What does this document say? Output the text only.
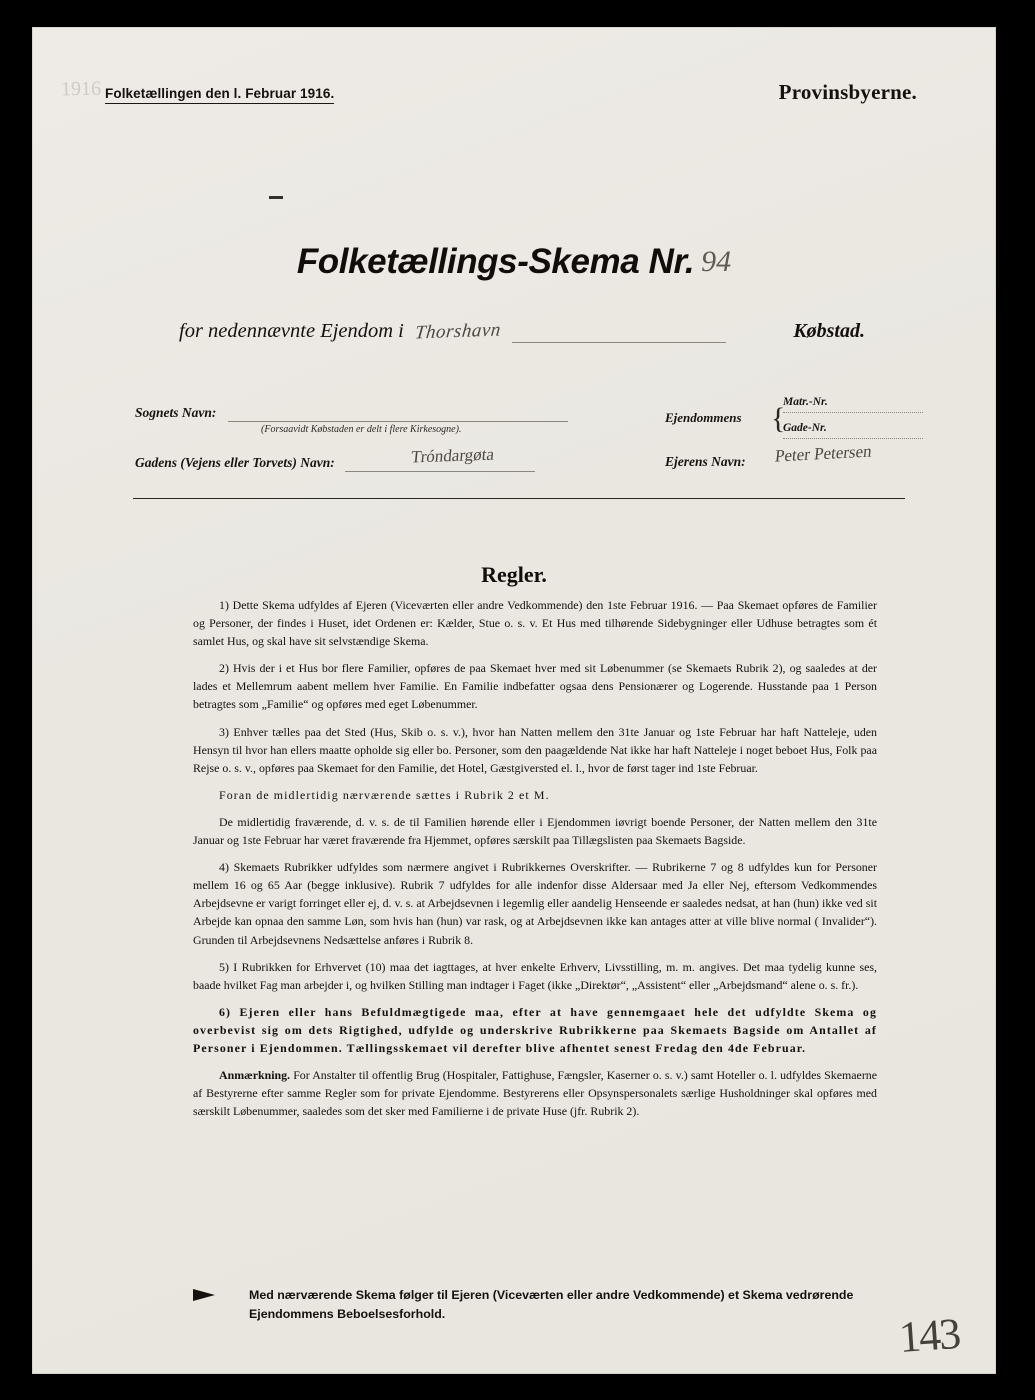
1916 Folketællingen den l. Februar 1916.	Provinsbyerne.
Folketællings-Skema Nr. 94
for nedennævnte Ejendom i Thorshavn	Købstad.
Sognets Navn:
(Forsaavidt Købstaden er delt i flere Kirkesogne).
Gadens (Vejens eller Torvets) Navn:	Tróndargøta
Ejendommens {
Matr.-Nr.
Gade-Nr.
Ejerens Navn: Peter Petersen
Regler.

1) Dette Skema udfyldes af Ejeren (Viceværten eller andre Vedkommende) den 1ste Februar 1916. — Paa Skemaet opføres de Familier og Personer, der findes i Huset, idet Ordenen er: Kælder, Stue o. s. v. Et Hus med tilhørende Sidebygninger eller Udhuse betragtes som ét samlet Hus, og skal have sit selvstændige Skema.

2) Hvis der i et Hus bor flere Familier, opføres de paa Skemaet hver med sit Løbenummer (se Skemaets Rubrik 2), og saaledes at der lades et Mellemrum aabent mellem hver Familie. En Familie indbefatter ogsaa dens Pensionærer og Logerende. Husstande paa 1 Person betragtes som „Familie“ og opføres med eget Løbenummer.

3) Enhver tælles paa det Sted (Hus, Skib o. s. v.), hvor han Natten mellem den 31te Januar og 1ste Februar har haft Natteleje, uden Hensyn til hvor han ellers maatte opholde sig eller bo. Personer, som den paagældende Nat ikke har haft Natteleje i noget beboet Hus, Folk paa Rejse o. s. v., opføres paa Skemaet for den Familie, det Hotel, Gæstgiversted el. l., hvor de først tager ind 1ste Februar.

Foran de midlertidig nærværende sættes i Rubrik 2 et M.

De midlertidig fraværende, d. v. s. de til Familien hørende eller i Ejendommen iøvrigt boende Personer, der Natten mellem den 31te Januar og 1ste Februar har været fraværende fra Hjemmet, opføres særskilt paa Tillægslisten paa Skemaets Bagside.

4) Skemaets Rubrikker udfyldes som nærmere angivet i Rubrikkernes Overskrifter. — Rubrikerne 7 og 8 udfyldes kun for Personer mellem 16 og 65 Aar (begge inklusive). Rubrik 7 udfyldes for alle indenfor disse Aldersaar med Ja eller Nej, eftersom Vedkommendes Arbejdsevne er varigt forringet eller ej, d. v. s. at Arbejdsevnen i legemlig eller aandelig Henseende er saaledes nedsat, at han (hun) ikke ved sit Arbejde kan opnaa den samme Løn, som hvis han (hun) var rask, og at Arbejdsevnen ikke kan antages atter at ville blive normal ( Invalider“). Grunden til Arbejdsevnens Nedsættelse anføres i Rubrik 8.

5) I Rubrikken for Erhvervet (10) maa det iagttages, at hver enkelte Erhverv, Livsstilling, m. m. angives. Det maa tydelig kunne ses, baade hvilket Fag man arbejder i, og hvilken Stilling man indtager i Faget (ikke „Direktør“, „Assistent“ eller „Arbejdsmand“ alene o. s. fr.).

6) Ejeren eller hans Befuldmægtigede maa, efter at have gennemgaaet hele det udfyldte Skema og overbevist sig om dets Rigtighed, udfylde og underskrive Rubrikkerne paa Skemaets Bagside om Antallet af Personer i Ejendommen. Tællingsskemaet vil derefter blive afhentet senest Fredag den 4de Februar.

Anmærkning. For Anstalter til offentlig Brug (Hospitaler, Fattighuse, Fængsler, Kaserner o. s. v.) samt Hoteller o. l. udfyldes Skemaerne af Bestyrerne efter samme Regler som for private Ejendomme. Bestyrerens eller Opsynspersonalets særlige Husholdninger skal opføres med særskilt Løbenummer, saaledes som det sker med Familierne i de private Huse (jfr. Rubrik 2).

Med nærværende Skema følger til Ejeren (Viceværten eller andre Vedkommende) et Skema vedrørende Ejendommens Beboelsesforhold.	143
